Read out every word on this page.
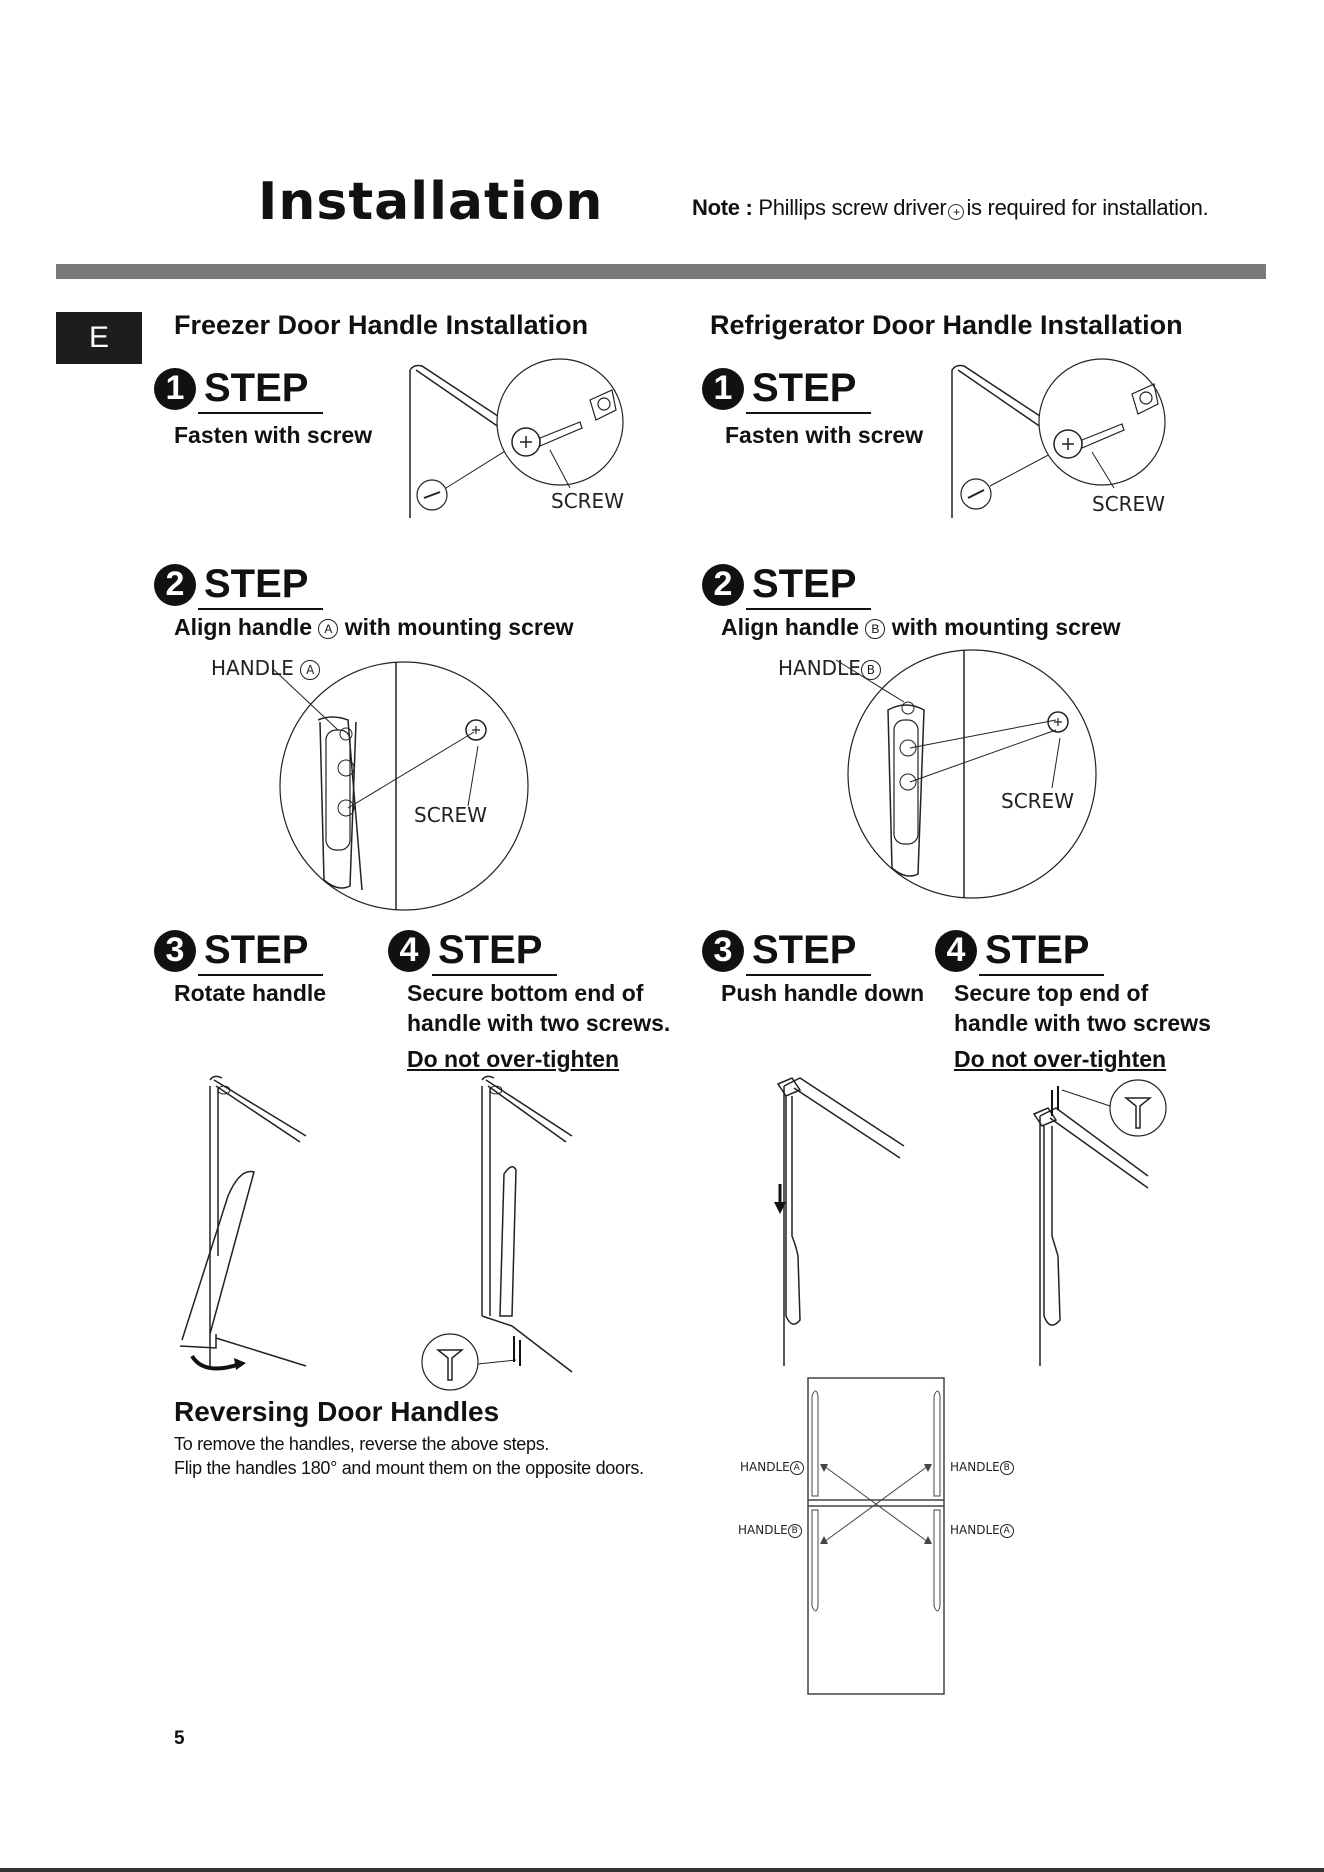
Installation	Note : Phillips screw driver + is required for installation.
E	Freezer Door Handle Installation	Refrigerator Door Handle Installation
1 STEP
Fasten with screw
SCREW
1 STEP
Fasten with screw
SCREW
2 STEP
Align handle A with mounting screw
HANDLE A
SCREW
2 STEP
Align handle B with mounting screw
HANDLE B
SCREW
3 STEP
Rotate handle
4 STEP
Secure bottom end of
handle with two screws.
Do not over-tighten
3 STEP
Push handle down
4 STEP
Secure top end of
handle with two screws
Do not over-tighten
Reversing Door Handles
To remove the handles, reverse the above steps.
Flip the handles 180° and mount them on the opposite doors.	HANDLE A	HANDLE B
HANDLE B	HANDLE A
5
